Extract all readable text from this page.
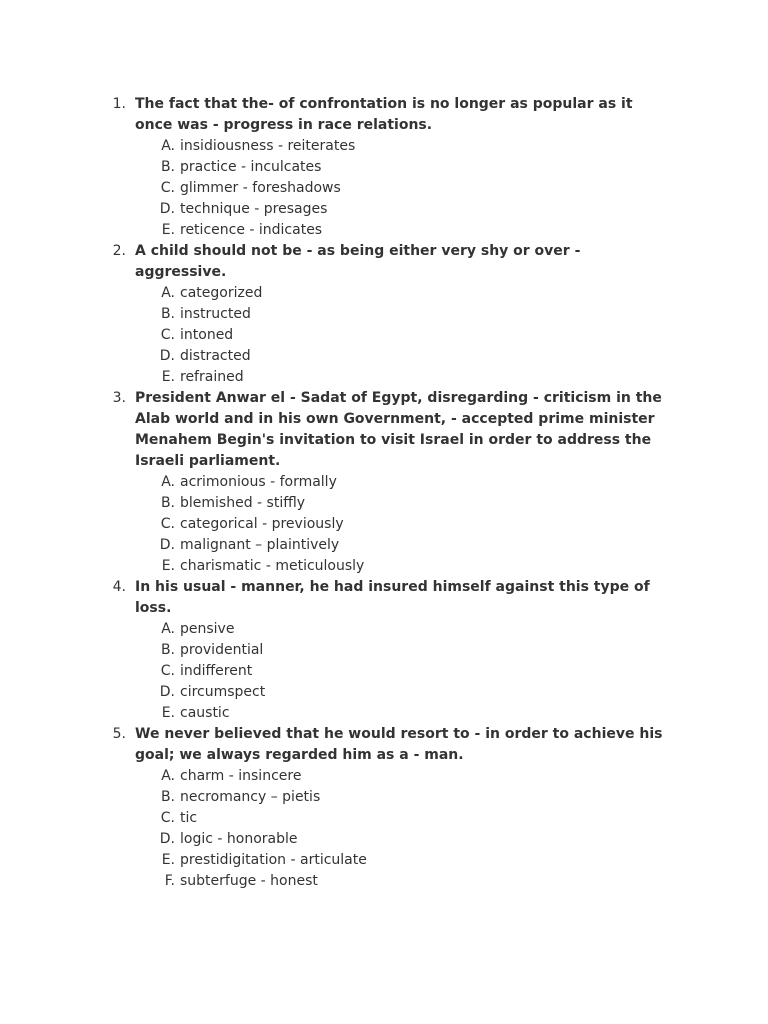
1. The fact that the- of confrontation is no longer as popular as it once was - progress in race relations.
A. insidiousness - reiterates
B. practice - inculcates
C. glimmer - foreshadows
D. technique - presages
E. reticence - indicates
2. A child should not be - as being either very shy or over - aggressive.
A. categorized
B. instructed
C. intoned
D. distracted
E. refrained
3. President Anwar el - Sadat of Egypt, disregarding - criticism in the Alab world and in his own Government, - accepted prime minister Menahem Begin's invitation to visit Israel in order to address the Israeli parliament.
A. acrimonious - formally
B. blemished - stiffly
C. categorical - previously
D. malignant – plaintively
E. charismatic - meticulously
4. In his usual - manner, he had insured himself against this type of loss.
A. pensive
B. providential
C. indifferent
D. circumspect
E. caustic
5. We never believed that he would resort to - in order to achieve his goal; we always regarded him as a - man.
A. charm - insincere
B. necromancy – pietis
C. tic
D. logic - honorable
E. prestidigitation - articulate
F. subterfuge - honest
